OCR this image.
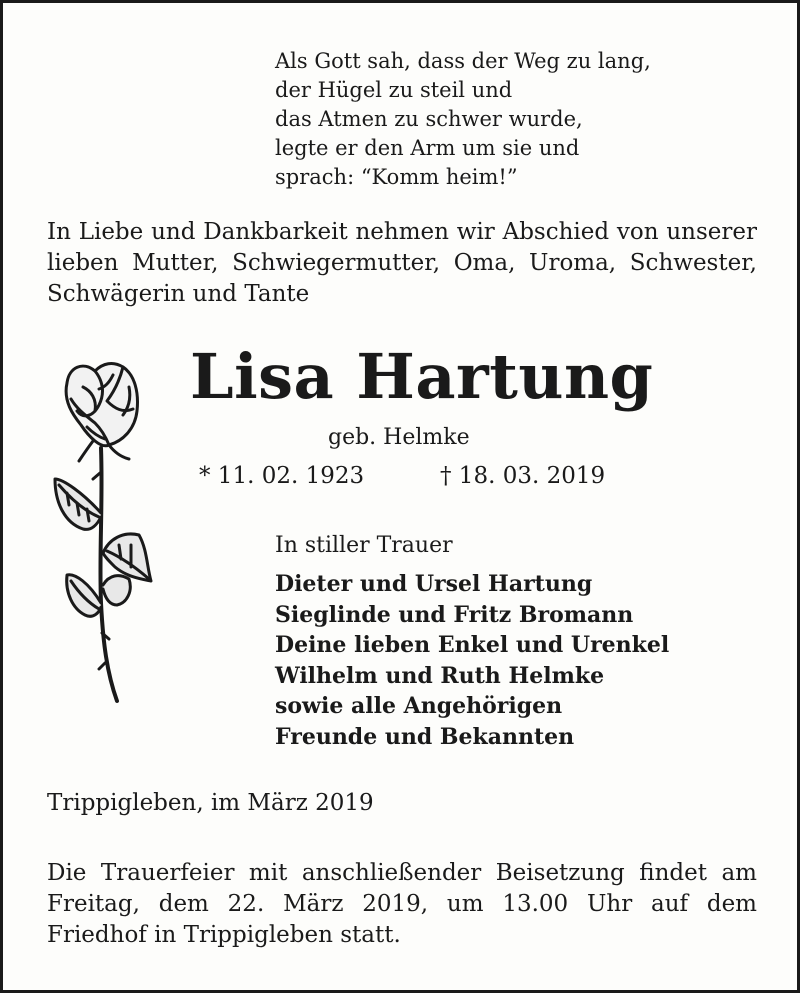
Als Gott sah, dass der Weg zu lang,
der Hügel zu steil und
das Atmen zu schwer wurde,
legte er den Arm um sie und
sprach: “Komm heim!”
In Liebe und Dankbarkeit nehmen wir Abschied von unserer lieben Mutter, Schwiegermutter, Oma, Uroma, Schwester, Schwägerin und Tante
Lisa Hartung
geb. Helmke
* 11. 02. 1923	† 18. 03. 2019
In stiller Trauer
Dieter und Ursel Hartung
Sieglinde und Fritz Bromann
Deine lieben Enkel und Urenkel
Wilhelm und Ruth Helmke
sowie alle Angehörigen
Freunde und Bekannten
Trippigleben, im März 2019
Die Trauerfeier mit anschließender Beisetzung findet am Freitag, dem 22. März 2019, um 13.00 Uhr auf dem Friedhof in Trippigleben statt.
